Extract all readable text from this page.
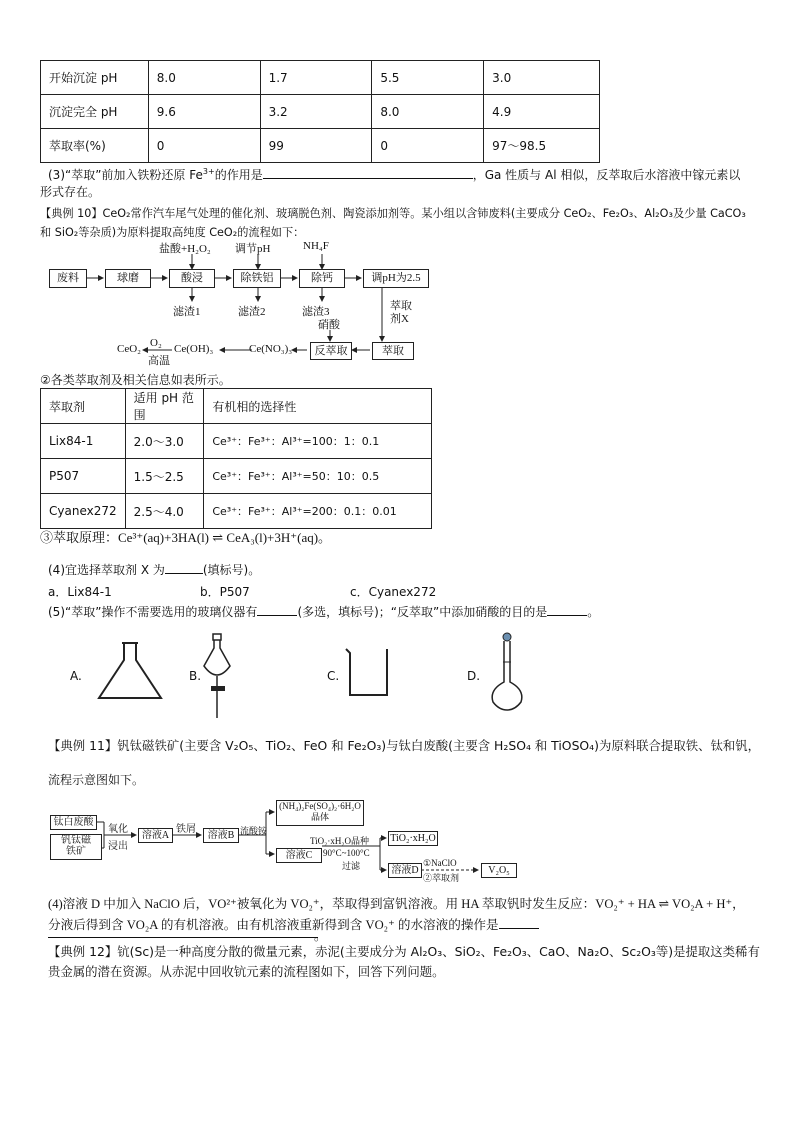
开始沉淀 pH	8.0	1.7	5.5	3.0
沉淀完全 pH	9.6	3.2	8.0	4.9
萃取率(%)	0	99	0	97～98.5
(3)“萃取”前加入铁粉还原 $Fe^{3+}$的作用是	，Ga 性质与 Al 相似，反萃取后水溶液中镓元素以
形式存在。
【典例 10】CeO₂常作汽车尾气处理的催化剂、玻璃脱色剂、陶瓷添加剂等。某小组以含铈废料(主要成分 CeO₂、Fe₂O₃、Al₂O₃及少量 CaCO₃
和 SiO₂等杂质)为原料提取高纯度 CeO₂的流程如下：
废料	球磨	酸浸	除铁铝	除钙	调pH为2.5
萃取
反萃取
Ce(NO₃)₃
Ce(OH)₃
CeO₂ O₂
高温
盐酸+H₂O₂ 调节pH	NH₄F
硝酸
滤渣1	滤渣2	滤渣3	萃取
剂X
②各类萃取剂及相关信息如表所示。
萃取剂	适用 pH 范围	有机相的选择性
Lix84-1	2.0～3.0	Ce³⁺：Fe³⁺：Al³⁺=100：1：0.1
P507	1.5～2.5	Ce³⁺：Fe³⁺：Al³⁺=50：10：0.5
Cyanex272	2.5～4.0	Ce³⁺：Fe³⁺：Al³⁺=200：0.1：0.01
③萃取原理：Ce³⁺(aq)+3HA(l) ⇌ CeA₃(l)+3H⁺(aq)。
(4)宜选择萃取剂 X 为	(填标号)。
a．Lix84-1	b．P507	c．Cyanex272
(5)“萃取”操作不需要选用的玻璃仪器有	(多选，填标号)；“反萃取”中添加硝酸的目的是	。
A.	B.	C.	D.
【典例 11】钒钛磁铁矿(主要含 V₂O₅、TiO₂、FeO 和 Fe₂O₃)与钛白废酸(主要含 H₂SO₄ 和 TiOSO₄)为原料联合提取铁、钛和钒，
流程示意图如下。
钛白废酸
钒钛磁
铁矿
氧化
浸出
溶液A
铁屑
溶液B 流酸铵
(NH₄)₂Fe(SO₄)₂·6H₂O
晶体
溶液C
TiO₂·xH₂O晶种
90°C~100°C
过滤
TiO₂·xH₂O
溶液D
①NaClO
②萃取剂
V₂O₅
(4)溶液 D 中加入 NaClO 后，VO²⁺被氧化为 VO₂⁺，萃取得到富钒溶液。用 HA 萃取钒时发生反应：VO₂⁺ + HA ⇌ VO₂A + H⁺，
分液后得到含 VO₂A 的有机溶液。由有机溶液重新得到含 VO₂⁺ 的水溶液的操作是
。
【典例 12】钪(Sc)是一种高度分散的微量元素，赤泥(主要成分为 Al₂O₃、SiO₂、Fe₂O₃、CaO、Na₂O、Sc₂O₃等)是提取这类稀有
贵金属的潜在资源。从赤泥中回收钪元素的流程图如下，回答下列问题。
